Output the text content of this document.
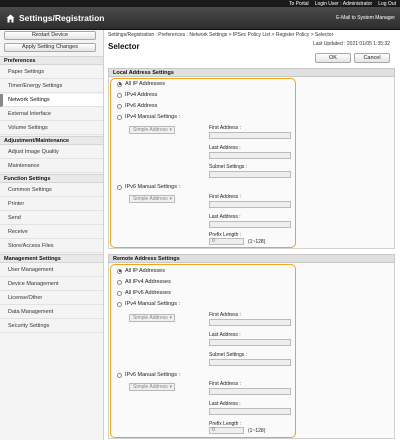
To Portal Login User : Administrator Log Out
Settings/Registration	E-Mail to System Manager
Restart Device
Apply Setting Changes
Preferences
Paper Settings
Timer/Energy Settings
Network Settings
External Interface
Volume Settings
Adjustment/Maintenance
Adjust Image Quality
Maintenance
Function Settings
Common Settings
Printer
Send
Receive
Store/Access Files
Management Settings
User Management
Device Management
License/Other
Data Management
Security Settings
Settings/Registration : Preferences : Network Settings > IPSec Policy List > Register Policy > Selector
Selector	Last Updated : 2021 01/05 1:35:32
OK	Cancel
Local Address Settings
All IP Addresses
IPv4 Address
IPv6 Address
IPv4 Manual Settings :
Simple Address ▾	First Address :
Last Address :
Subnet Settings :
IPv6 Manual Settings :
Simple Address ▾	First Address :
Last Address :
Prefix Length :
0	(1~128)
Remote Address Settings
All IP Addresses
All IPv4 Addresses
All IPv6 Addresses
IPv4 Manual Settings :
Simple Address ▾	First Address :
Last Address :
Subnet Settings :
IPv6 Manual Settings :
Simple Address ▾	First Address :
Last Address :
Prefix Length :
0	(1~128)
